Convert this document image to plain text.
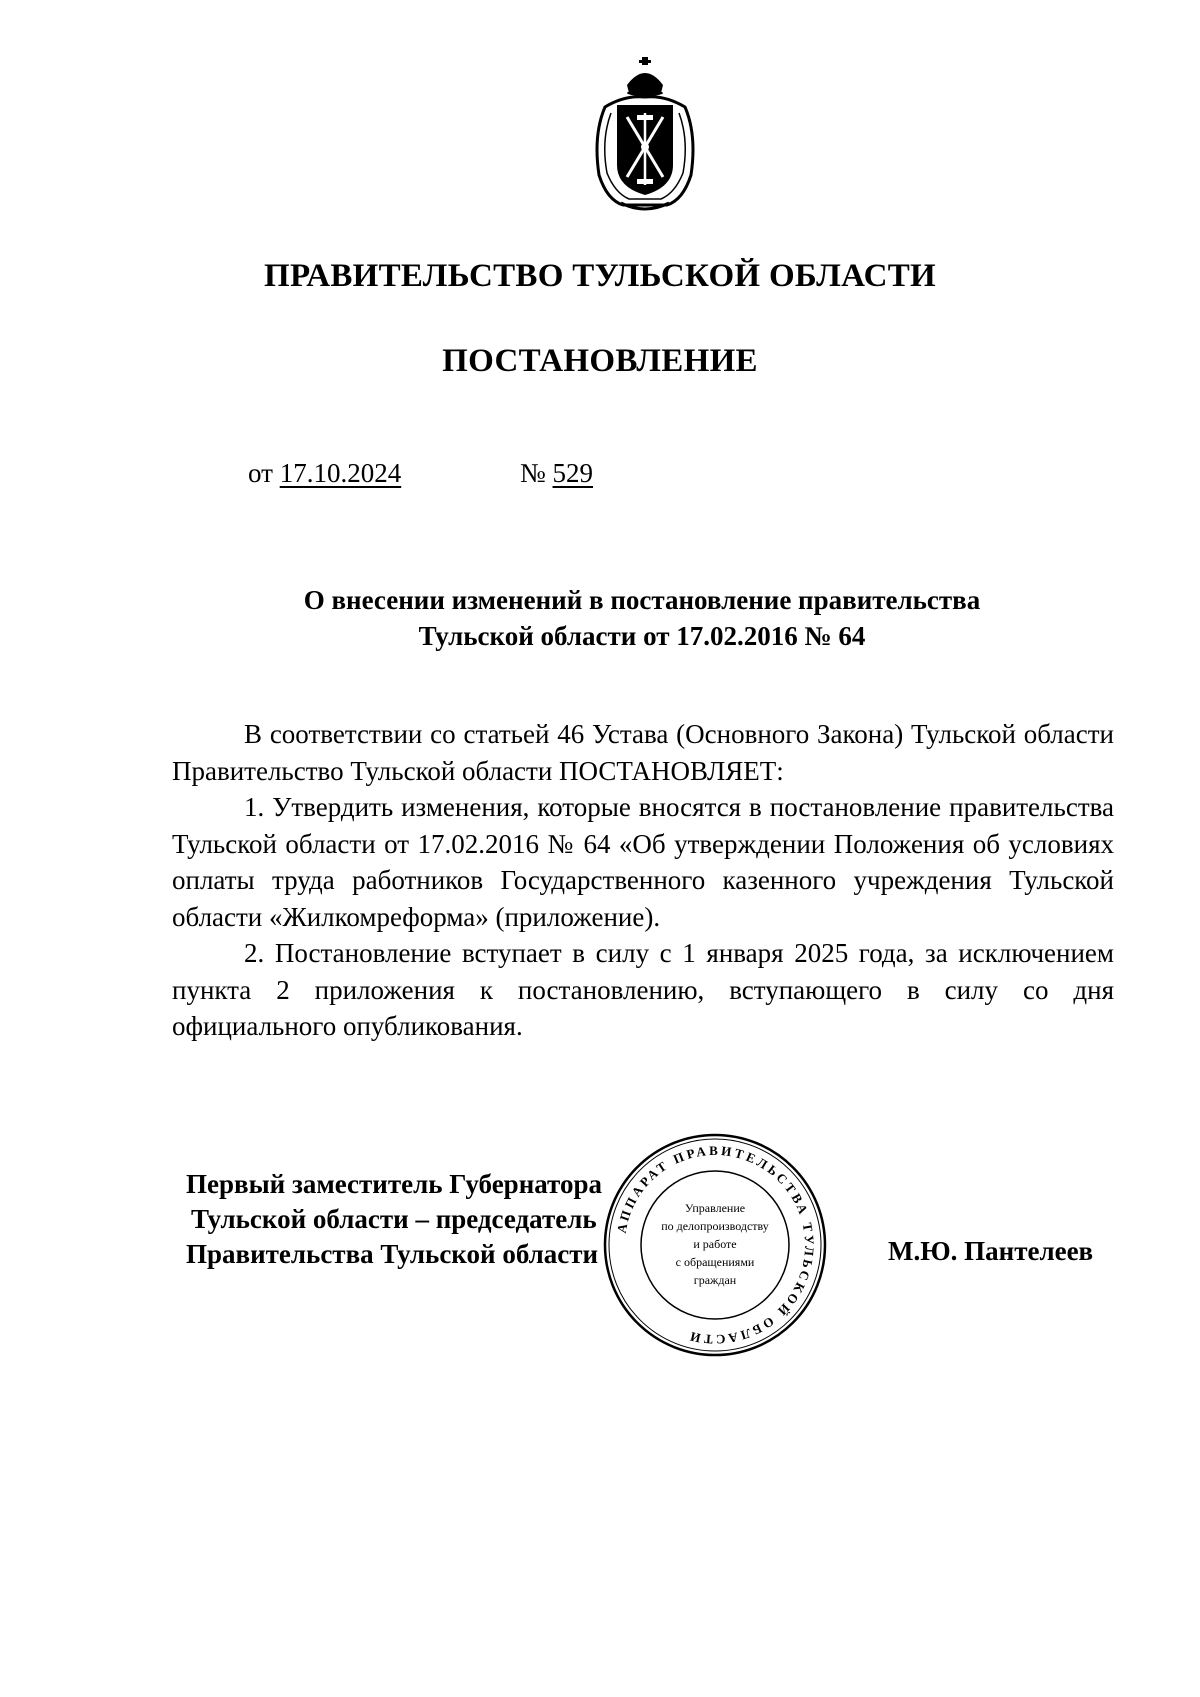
ПРАВИТЕЛЬСТВО ТУЛЬСКОЙ ОБЛАСТИ
ПОСТАНОВЛЕНИЕ
от 17.10.2024	№ 529
О внесении изменений в постановление правительства
Тульской области от 17.02.2016 № 64

В соответствии со статьей 46 Устава (Основного Закона) Тульской области Правительство Тульской области ПОСТАНОВЛЯЕТ:

1. Утвердить изменения, которые вносятся в постановление правительства Тульской области от 17.02.2016 № 64 «Об утверждении Положения об условиях оплаты труда работников Государственного казенного учреждения Тульской области «Жилкомреформа» (приложение).

2. Постановление вступает в силу с 1 января 2025 года, за исключением пункта 2 приложения к постановлению, вступающего в силу со дня официального опубликования.

Первый заместитель Губернатора
Тульской области – председатель
Правительства Тульской области	М.Ю. Пантелеев
АППАРАТ ПРАВИТЕЛЬСТВА ТУЛЬСКОЙ ОБЛАСТИ
Управление
по делопроизводству
и работе
с обращениями
граждан
